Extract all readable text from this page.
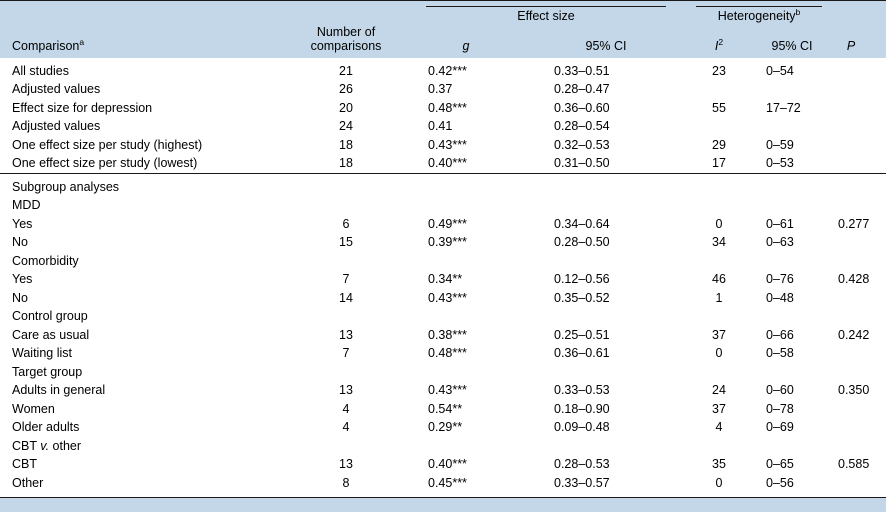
Effect size		Heterogeneity$^b$	
Comparison$^a$	Number of
comparisons	g	95% CI	$I^2$	95% CI	P

All studies	21	0.42***	0.33–0.51	23	0–54	
Adjusted values	26	0.37	0.28–0.47			
Effect size for depression	20	0.48***	0.36–0.60	55	17–72	
Adjusted values	24	0.41	0.28–0.54			
One effect size per study (highest)	18	0.43***	0.32–0.53	29	0–59	
One effect size per study (lowest)	18	0.40***	0.31–0.50	17	0–53	

Subgroup analyses						
MDD						
Yes	6	0.49***	0.34–0.64	0	0–61	0.277
No	15	0.39***	0.28–0.50	34	0–63	
Comorbidity						
Yes	7	0.34**	0.12–0.56	46	0–76	0.428
No	14	0.43***	0.35–0.52	1	0–48	
Control group						
Care as usual	13	0.38***	0.25–0.51	37	0–66	0.242
Waiting list	7	0.48***	0.36–0.61	0	0–58	
Target group						
Adults in general	13	0.43***	0.33–0.53	24	0–60	0.350
Women	4	0.54**	0.18–0.90	37	0–78	
Older adults	4	0.29**	0.09–0.48	4	0–69	
CBT v. other						
CBT	13	0.40***	0.28–0.53	35	0–65	0.585
Other	8	0.45***	0.33–0.57	0	0–56	
